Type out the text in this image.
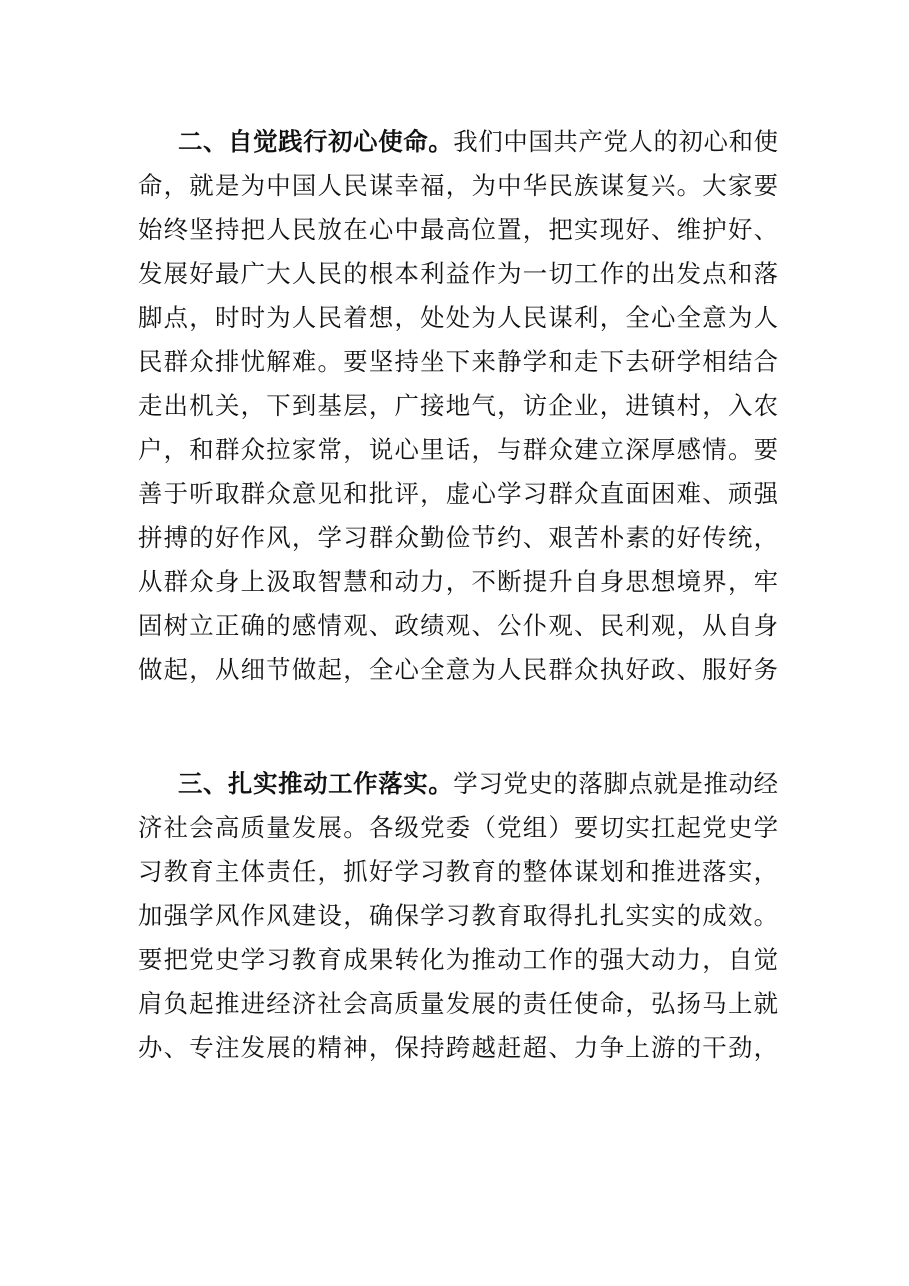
二、自觉践行初心使命。我们中国共产党人的初心和使
命，就是为中国人民谋幸福，为中华民族谋复兴。大家要
始终坚持把人民放在心中最高位置，把实现好、维护好、
发展好最广大人民的根本利益作为一切工作的出发点和落
脚点，时时为人民着想，处处为人民谋利，全心全意为人
民群众排忧解难。要坚持坐下来静学和走下去研学相结合
走出机关，下到基层，广接地气，访企业，进镇村，入农
户，和群众拉家常，说心里话，与群众建立深厚感情。要
善于听取群众意见和批评，虚心学习群众直面困难、顽强
拼搏的好作风，学习群众勤俭节约、艰苦朴素的好传统，
从群众身上汲取智慧和动力，不断提升自身思想境界，牢
固树立正确的感情观、政绩观、公仆观、民利观，从自身
做起，从细节做起，全心全意为人民群众执好政、服好务

三、扎实推动工作落实。学习党史的落脚点就是推动经
济社会高质量发展。各级党委（党组）要切实扛起党史学
习教育主体责任，抓好学习教育的整体谋划和推进落实，
加强学风作风建设，确保学习教育取得扎扎实实的成效。
要把党史学习教育成果转化为推动工作的强大动力，自觉
肩负起推进经济社会高质量发展的责任使命，弘扬马上就
办、专注发展的精神，保持跨越赶超、力争上游的干劲，
